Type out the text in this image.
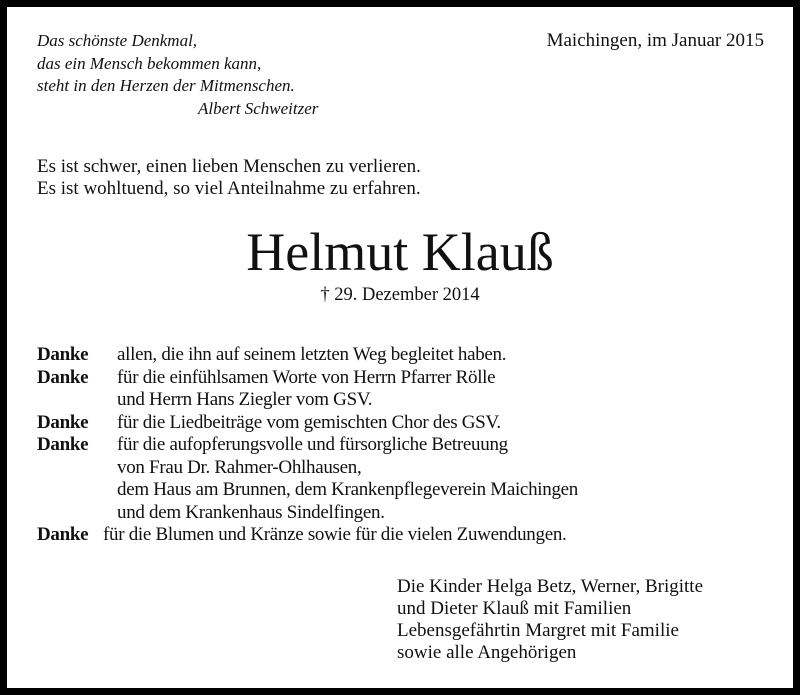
Das schönste Denkmal,
das ein Mensch bekommen kann,
steht in den Herzen der Mitmenschen.
Albert Schweitzer
Maichingen, im Januar 2015
Es ist schwer, einen lieben Menschen zu verlieren.
Es ist wohltuend, so viel Anteilnahme zu erfahren.
Helmut Klauß
† 29. Dezember 2014
Danke	allen, die ihn auf seinem letzten Weg begleitet haben.
Danke	für die einfühlsamen Worte von Herrn Pfarrer Rölle
und Herrn Hans Ziegler vom GSV.
Danke	für die Liedbeiträge vom gemischten Chor des GSV.
Danke	für die aufopferungsvolle und fürsorgliche Betreuung
von Frau Dr. Rahmer-Ohlhausen,
dem Haus am Brunnen, dem Krankenpflegeverein Maichingen
und dem Krankenhaus Sindelfingen.
Danke für die Blumen und Kränze sowie für die vielen Zuwendungen.
Die Kinder Helga Betz, Werner, Brigitte
und Dieter Klauß mit Familien
Lebensgefährtin Margret mit Familie
sowie alle Angehörigen
